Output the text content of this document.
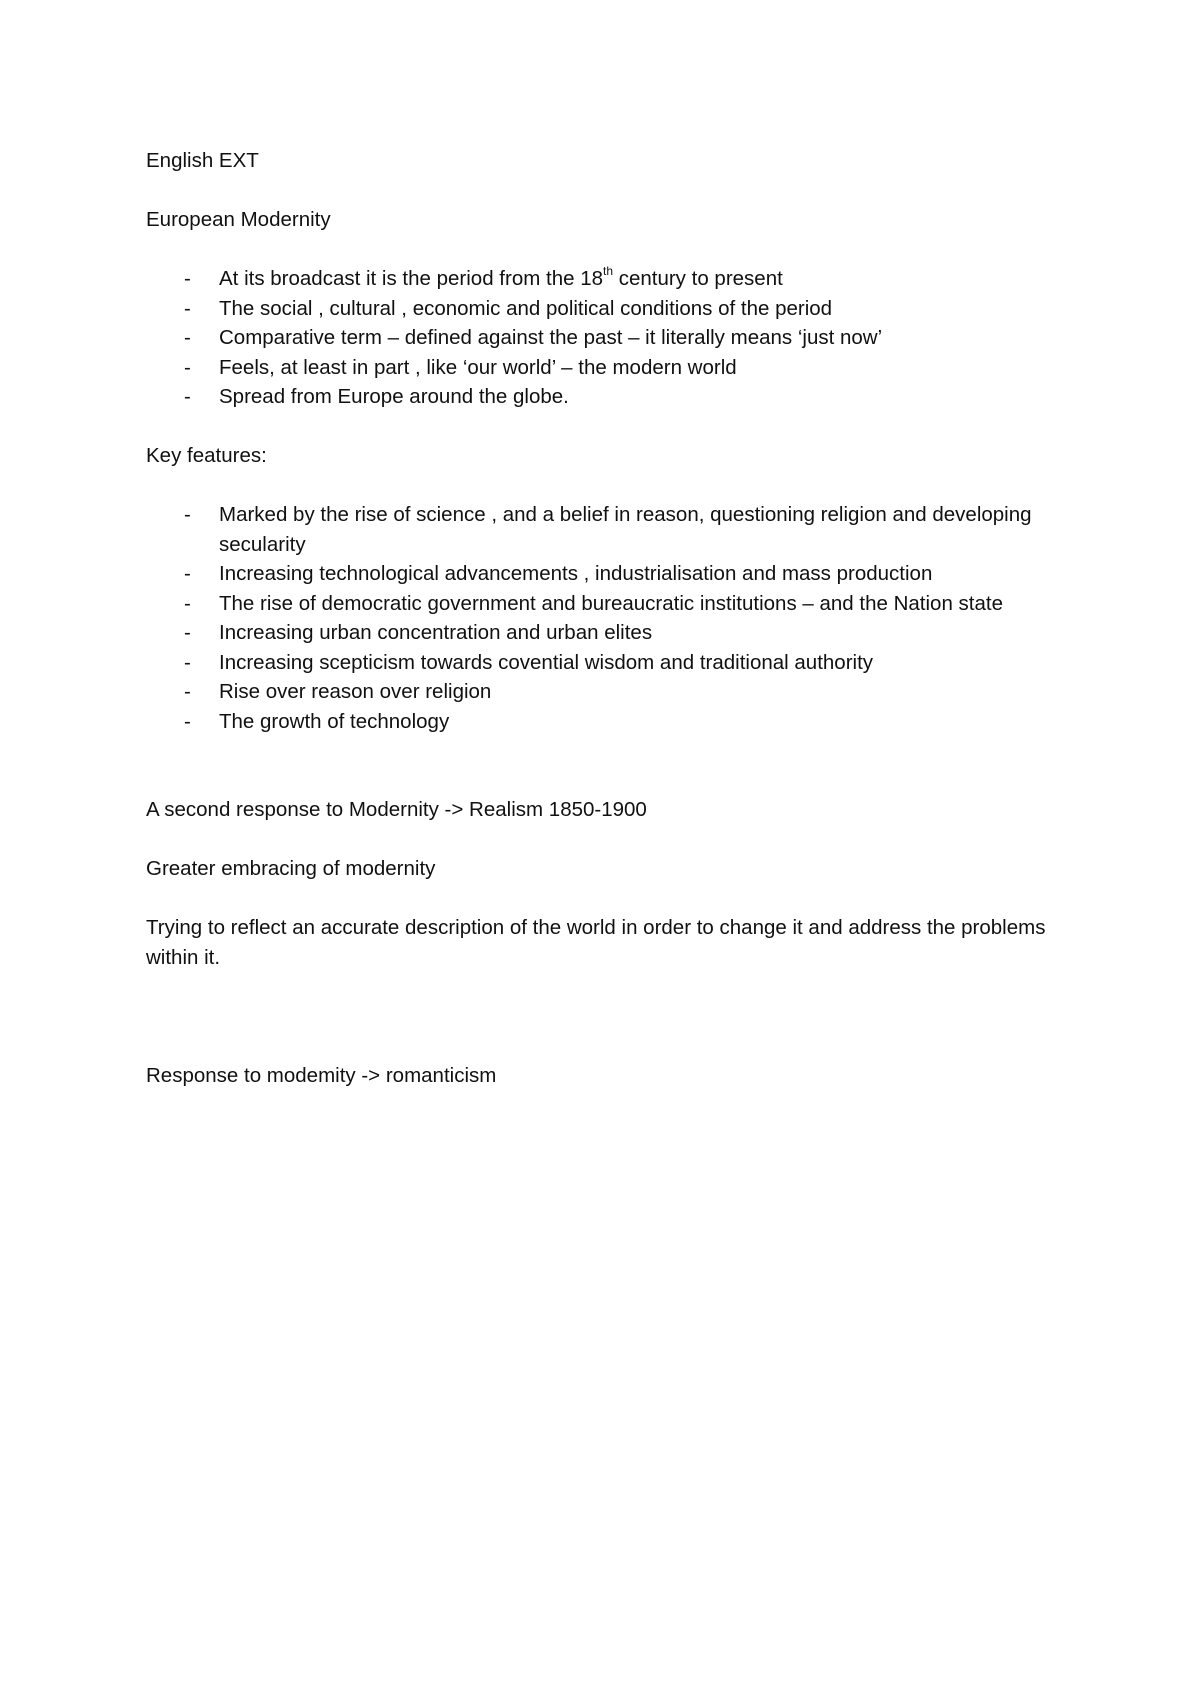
English EXT

European Modernity

- At its broadcast it is the period from the 18th century to present
- The social , cultural , economic and political conditions of the period
- Comparative term – defined against the past – it literally means ‘just now’
- Feels, at least in part , like ‘our world’ – the modern world
- Spread from Europe around the globe.

Key features:

- Marked by the rise of science , and a belief in reason, questioning religion and developing secularity
- Increasing technological advancements , industrialisation and mass production
- The rise of democratic government and bureaucratic institutions – and the Nation state
- Increasing urban concentration and urban elites
- Increasing scepticism towards covential wisdom and traditional authority
- Rise over reason over religion
- The growth of technology

A second response to Modernity -> Realism 1850-1900

Greater embracing of modernity

Trying to reflect an accurate description of the world in order to change it and address the problems within it.

Response to modemity -> romanticism
